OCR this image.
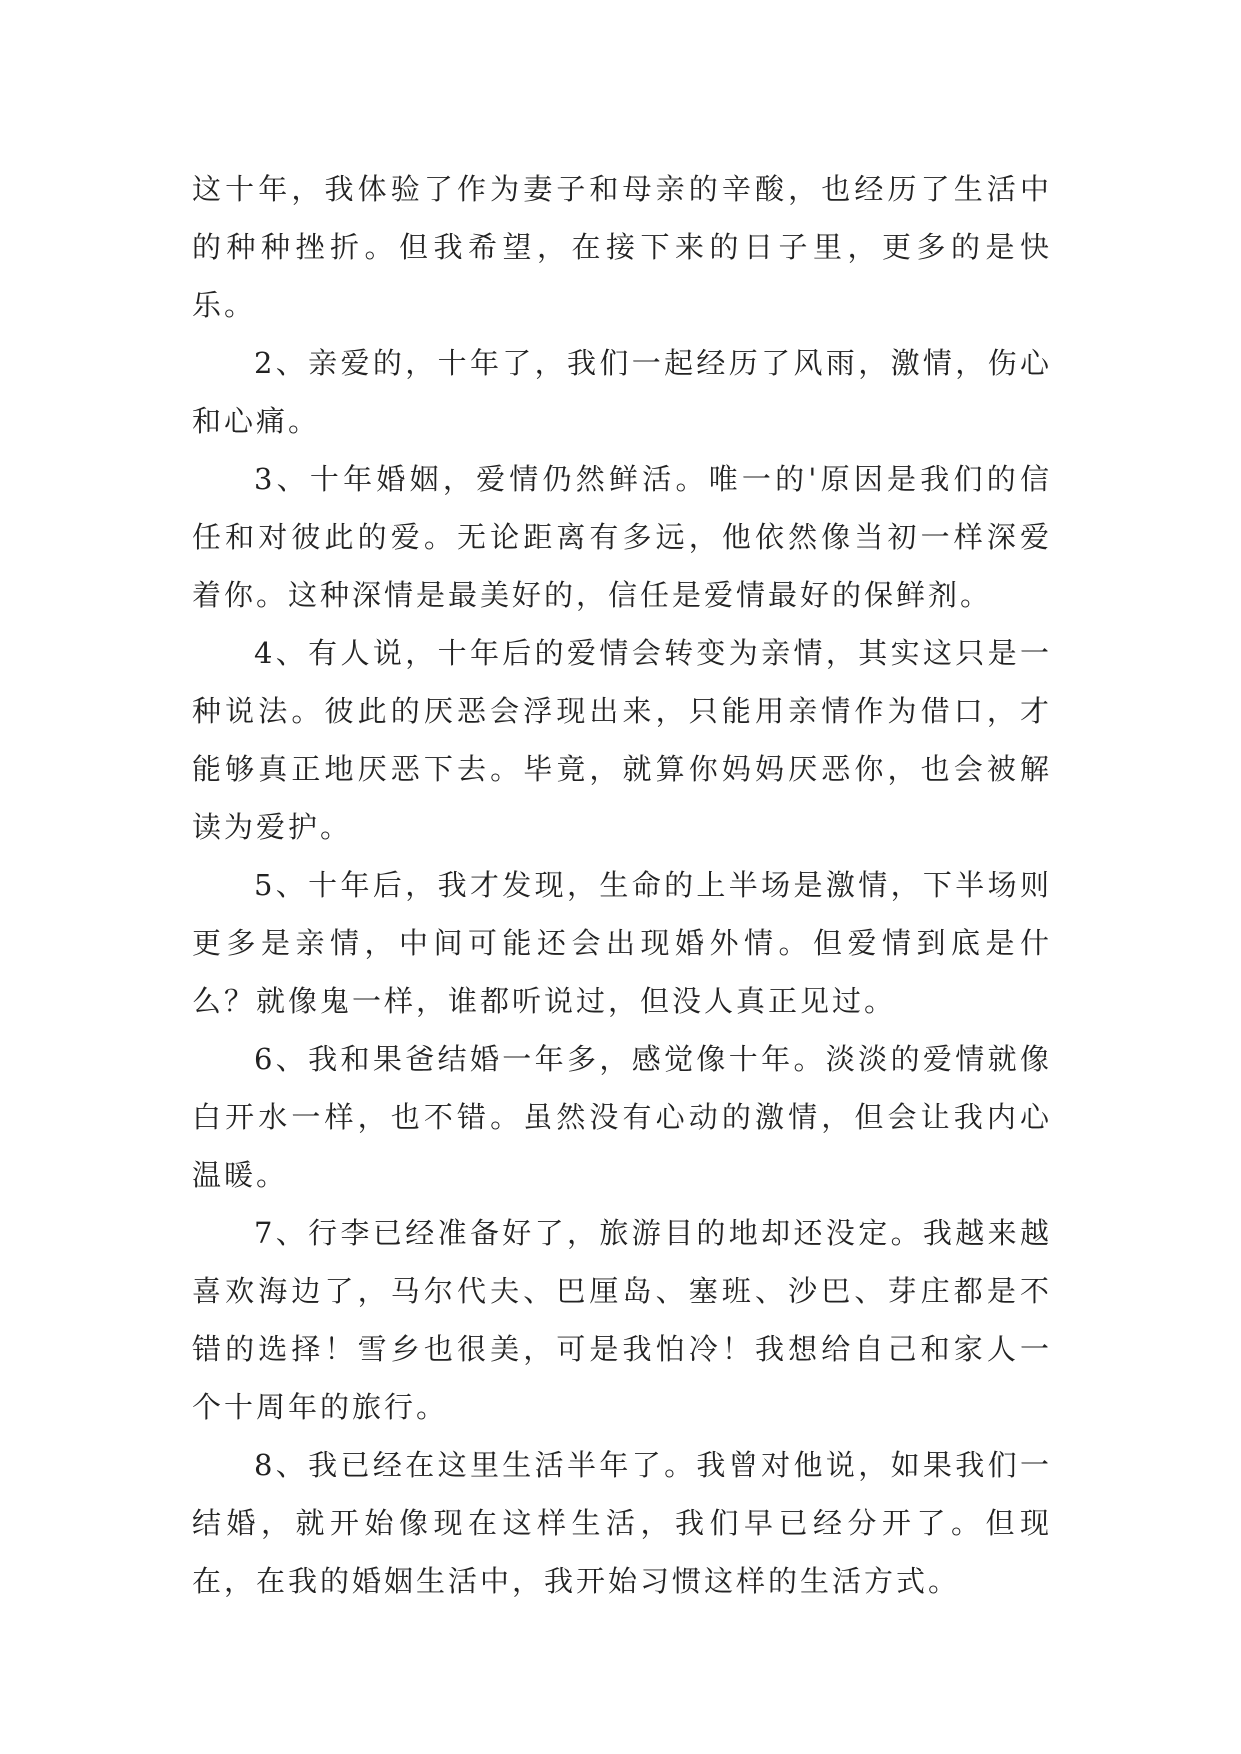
这十年，我体验了作为妻子和母亲的辛酸，也经历了生活中的种种挫折。但我希望，在接下来的日子里，更多的是快乐。

2、亲爱的，十年了，我们一起经历了风雨，激情，伤心和心痛。

3、十年婚姻，爱情仍然鲜活。唯一的'原因是我们的信任和对彼此的爱。无论距离有多远，他依然像当初一样深爱着你。这种深情是最美好的，信任是爱情最好的保鲜剂。

4、有人说，十年后的爱情会转变为亲情，其实这只是一种说法。彼此的厌恶会浮现出来，只能用亲情作为借口，才能够真正地厌恶下去。毕竟，就算你妈妈厌恶你，也会被解读为爱护。

5、十年后，我才发现，生命的上半场是激情，下半场则更多是亲情，中间可能还会出现婚外情。但爱情到底是什么？就像鬼一样，谁都听说过，但没人真正见过。

6、我和果爸结婚一年多，感觉像十年。淡淡的爱情就像白开水一样，也不错。虽然没有心动的激情，但会让我内心温暖。

7、行李已经准备好了，旅游目的地却还没定。我越来越喜欢海边了，马尔代夫、巴厘岛、塞班、沙巴、芽庄都是不错的选择！雪乡也很美，可是我怕冷！我想给自己和家人一个十周年的旅行。

8、我已经在这里生活半年了。我曾对他说，如果我们一结婚，就开始像现在这样生活，我们早已经分开了。但现在，在我的婚姻生活中，我开始习惯这样的生活方式。
